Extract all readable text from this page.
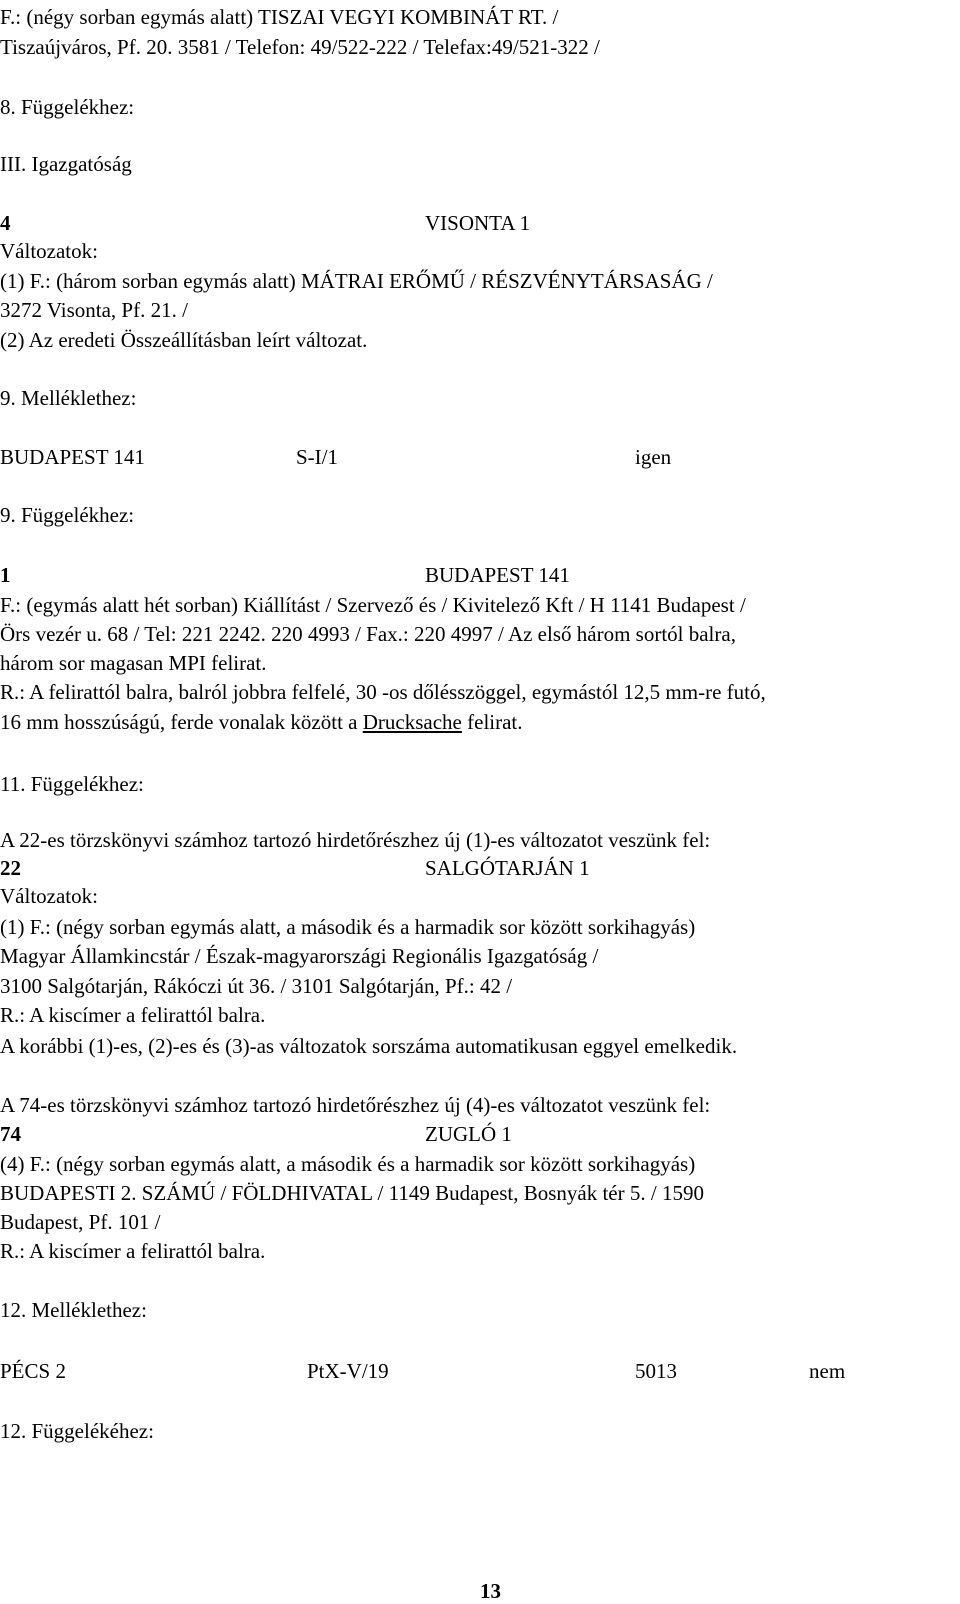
F.: (négy sorban egymás alatt) TISZAI VEGYI KOMBINÁT RT. /
Tiszaújváros, Pf. 20. 3581 / Telefon: 49/522-222 / Telefax:49/521-322 /
8. Függelékhez:
III. Igazgatóság
4	VISONTA 1
Változatok:
(1) F.: (három sorban egymás alatt) MÁTRAI ERŐMŰ / RÉSZVÉNYTÁRSASÁG /
3272 Visonta, Pf. 21. /
(2) Az eredeti Összeállításban leírt változat.
9. Melléklethez:
BUDAPEST 141	S-I/1	igen
9. Függelékhez:
1	BUDAPEST 141
F.: (egymás alatt hét sorban) Kiállítást / Szervező és / Kivitelező Kft / H 1141 Budapest /
Örs vezér u. 68 / Tel: 221 2242. 220 4993 / Fax.: 220 4997 / Az első három sortól balra,
három sor magasan MPI felirat.
R.: A felirattól balra, balról jobbra felfelé, 30 -os dőlésszöggel, egymástól 12,5 mm-re futó,
16 mm hosszúságú, ferde vonalak között a Drucksache felirat.
11. Függelékhez:
A 22-es törzskönyvi számhoz tartozó hirdetőrészhez új (1)-es változatot veszünk fel:
22	SALGÓTARJÁN 1
Változatok:
(1) F.: (négy sorban egymás alatt, a második és a harmadik sor között sorkihagyás)
Magyar Államkincstár / Észak-magyarországi Regionális Igazgatóság /
3100 Salgótarján, Rákóczi út 36. / 3101 Salgótarján, Pf.: 42 /
R.: A kiscímer a felirattól balra.
A korábbi (1)-es, (2)-es és (3)-as változatok sorszáma automatikusan eggyel emelkedik.
A 74-es törzskönyvi számhoz tartozó hirdetőrészhez új (4)-es változatot veszünk fel:
74	ZUGLÓ 1
(4) F.: (négy sorban egymás alatt, a második és a harmadik sor között sorkihagyás)
BUDAPESTI 2. SZÁMÚ / FÖLDHIVATAL / 1149 Budapest, Bosnyák tér 5. / 1590
Budapest, Pf. 101 /
R.: A kiscímer a felirattól balra.
12. Melléklethez:
PÉCS 2	PtX-V/19	5013	nem
12. Függelékéhez:
13
